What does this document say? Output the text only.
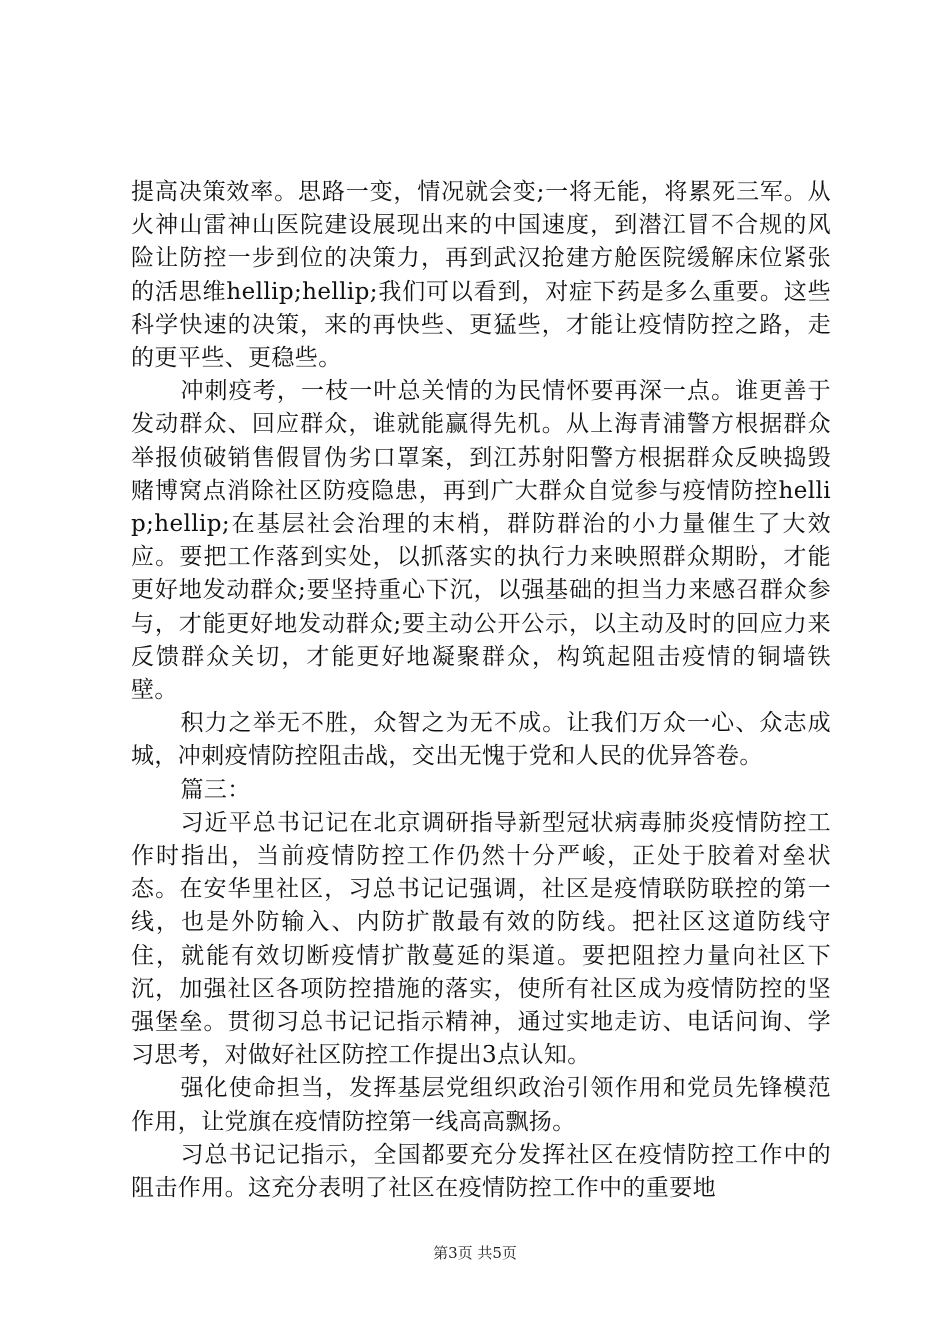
提高决策效率。思路一变，情况就会变;一将无能，将累死三军。从火神山雷神山医院建设展现出来的中国速度，到潜江冒不合规的风险让防控一步到位的决策力，再到武汉抢建方舱医院缓解床位紧张的活思维hellip;hellip;我们可以看到，对症下药是多么重要。这些科学快速的决策，来的再快些、更猛些，才能让疫情防控之路，走的更平些、更稳些。

冲刺疫考，一枝一叶总关情的为民情怀要再深一点。谁更善于发动群众、回应群众，谁就能赢得先机。从上海青浦警方根据群众举报侦破销售假冒伪劣口罩案，到江苏射阳警方根据群众反映捣毁赌博窝点消除社区防疫隐患，再到广大群众自觉参与疫情防控hellip;hellip;在基层社会治理的末梢，群防群治的小力量催生了大效应。要把工作落到实处，以抓落实的执行力来映照群众期盼，才能更好地发动群众;要坚持重心下沉，以强基础的担当力来感召群众参与，才能更好地发动群众;要主动公开公示，以主动及时的回应力来反馈群众关切，才能更好地凝聚群众，构筑起阻击疫情的铜墙铁壁。

积力之举无不胜，众智之为无不成。让我们万众一心、众志成城，冲刺疫情防控阻击战，交出无愧于党和人民的优异答卷。

篇三：

习近平总书记记在北京调研指导新型冠状病毒肺炎疫情防控工作时指出，当前疫情防控工作仍然十分严峻，正处于胶着对垒状态。在安华里社区，习总书记记强调，社区是疫情联防联控的第一线，也是外防输入、内防扩散最有效的防线。把社区这道防线守住，就能有效切断疫情扩散蔓延的渠道。要把阻控力量向社区下沉，加强社区各项防控措施的落实，使所有社区成为疫情防控的坚强堡垒。贯彻习总书记记指示精神，通过实地走访、电话问询、学习思考，对做好社区防控工作提出3点认知。

强化使命担当，发挥基层党组织政治引领作用和党员先锋模范作用，让党旗在疫情防控第一线高高飘扬。

习总书记记指示，全国都要充分发挥社区在疫情防控工作中的阻击作用。这充分表明了社区在疫情防控工作中的重要地

第3页 共5页
